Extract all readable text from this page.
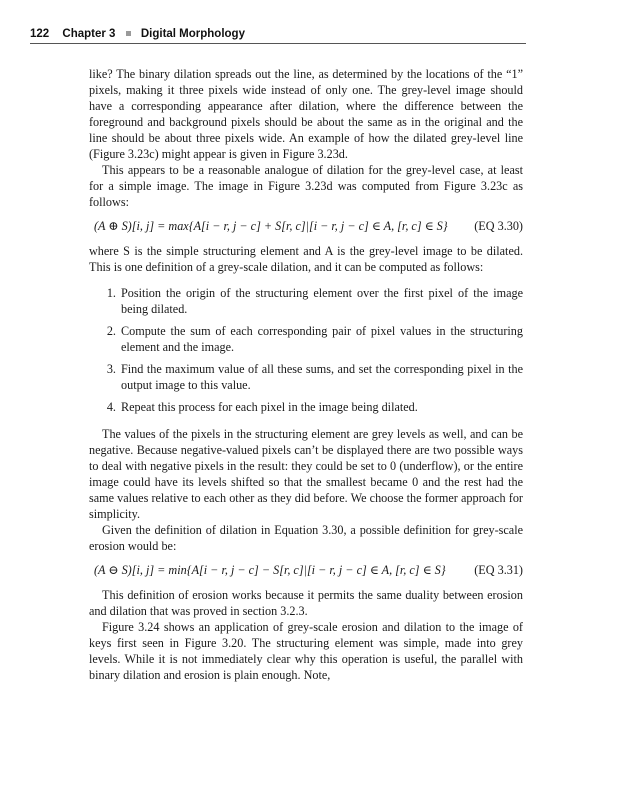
122 Chapter 3 Digital Morphology

like? The binary dilation spreads out the line, as determined by the locations of the “1” pixels, making it three pixels wide instead of only one. The grey-level image should have a corresponding appearance after dilation, where the difference between the foreground and background pixels should be about the same as in the original and the line should be about three pixels wide. An example of how the dilated grey-level line (Figure 3.23c) might appear is given in Figure 3.23d.

This appears to be a reasonable analogue of dilation for the grey-level case, at least for a simple image. The image in Figure 3.23d was computed from Figure 3.23c as follows:

(A ⊕ S)[i, j] = max{A[i − r, j − c] + S[r, c]|[i − r, j − c] ∈ A, [r, c] ∈ S} (EQ 3.30)

where S is the simple structuring element and A is the grey-level image to be dilated. This is one definition of a grey-scale dilation, and it can be computed as follows:

1. Position the origin of the structuring element over the first pixel of the image being dilated.
2. Compute the sum of each corresponding pair of pixel values in the structuring element and the image.
3. Find the maximum value of all these sums, and set the corresponding pixel in the output image to this value.
4. Repeat this process for each pixel in the image being dilated.

The values of the pixels in the structuring element are grey levels as well, and can be negative. Because negative-valued pixels can’t be displayed there are two possible ways to deal with negative pixels in the result: they could be set to 0 (underflow), or the entire image could have its levels shifted so that the smallest became 0 and the rest had the same values relative to each other as they did before. We choose the former approach for simplicity.

Given the definition of dilation in Equation 3.30, a possible definition for grey-scale erosion would be:

(A ⊖ S)[i, j] = min{A[i − r, j − c] − S[r, c]|[i − r, j − c] ∈ A, [r, c] ∈ S} (EQ 3.31)

This definition of erosion works because it permits the same duality between erosion and dilation that was proved in section 3.2.3.

Figure 3.24 shows an application of grey-scale erosion and dilation to the image of keys first seen in Figure 3.20. The structuring element was simple, made into grey levels. While it is not immediately clear why this operation is useful, the parallel with binary dilation and erosion is plain enough. Note,
